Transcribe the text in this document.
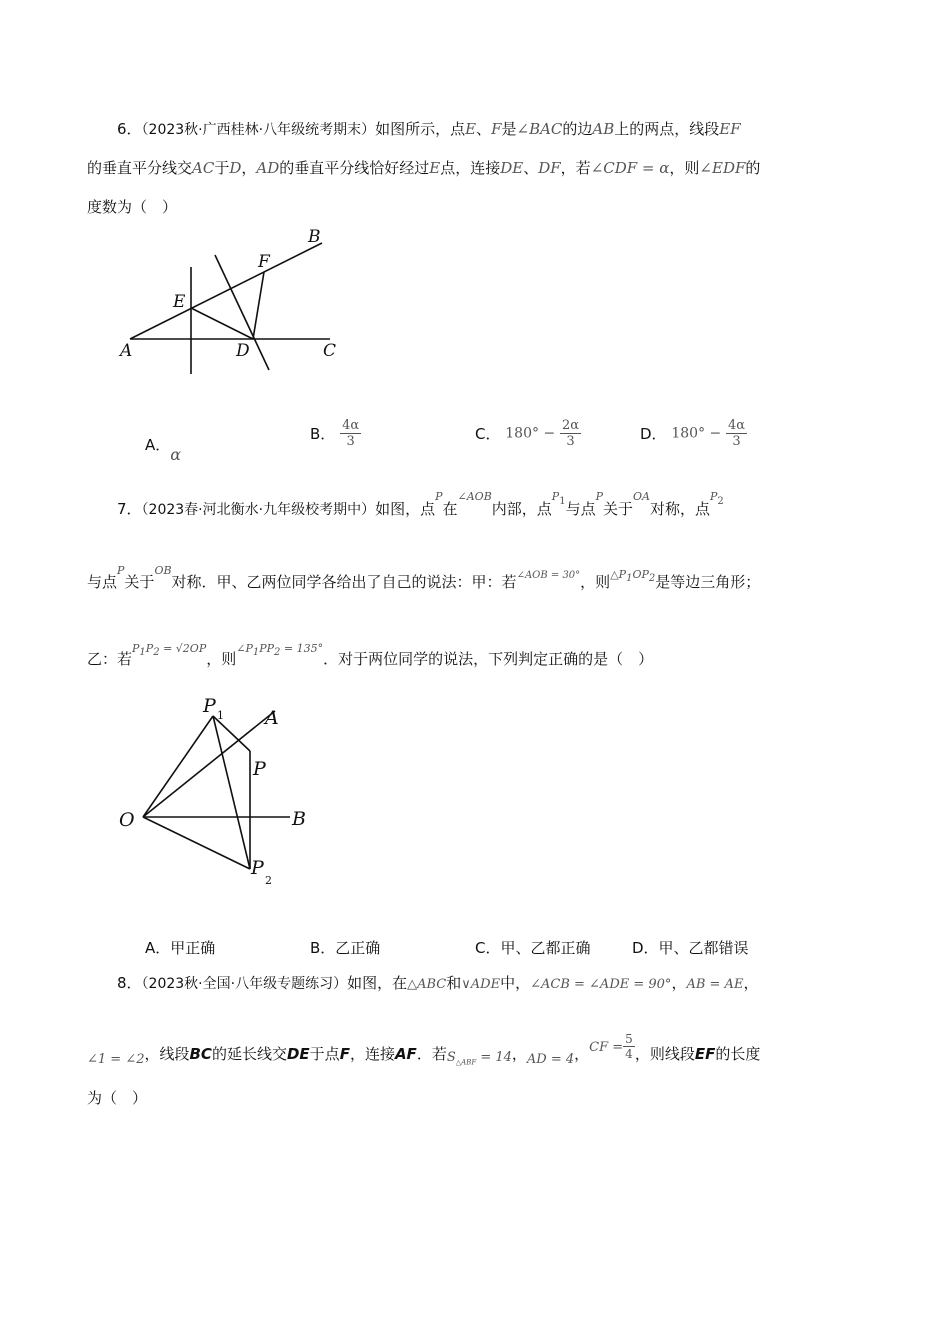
6．（2023秋·广西桂林·八年级统考期末）如图所示，点E、F是∠BAC的边AB上的两点，线段EF
的垂直平分线交AC于D，AD的垂直平分线恰好经过E点，连接DE、DF，若∠CDF = α，则∠EDF的
度数为（　）
A
B
C
D
E
F
A．α
B． $\frac{4\alpha}{3}$	C． $180^\circ - \frac{2\alpha}{3}$	D． $180^\circ - \frac{4\alpha}{3}$
7．（2023春·河北衡水·九年级校考期中）如图，点P在∠AOB内部，点$P_1$与点P关于OA对称，点$P_2$
与点P关于OB对称．甲、乙两位同学各给出了自己的说法：甲：若$_{\angle AOB = 30^\circ}$，则$_{\triangle P_1OP_2}$是等边三角形；
乙：若$P_1P_2 = √2OP$，则$\angle P_1PP_2 = 135^\circ$．对于两位同学的说法，下列判定正确的是（　）
P 1 A
P
O	B
P
2
A．甲正确	B．乙正确	C．甲、乙都正确	D．甲、乙都错误
8．（2023秋·全国·八年级专题练习）如图，在△ABC和∨ADE中，∠ACB = ∠ADE = 90°，AB = AE，
∠1 = ∠2，线段BC的延长线交DE于点F，连接AF．若$S_{\triangle ABF} = 14$，AD = 4，CF = $\frac{5}{4}$ ，则线段EF的长度
为（　）
